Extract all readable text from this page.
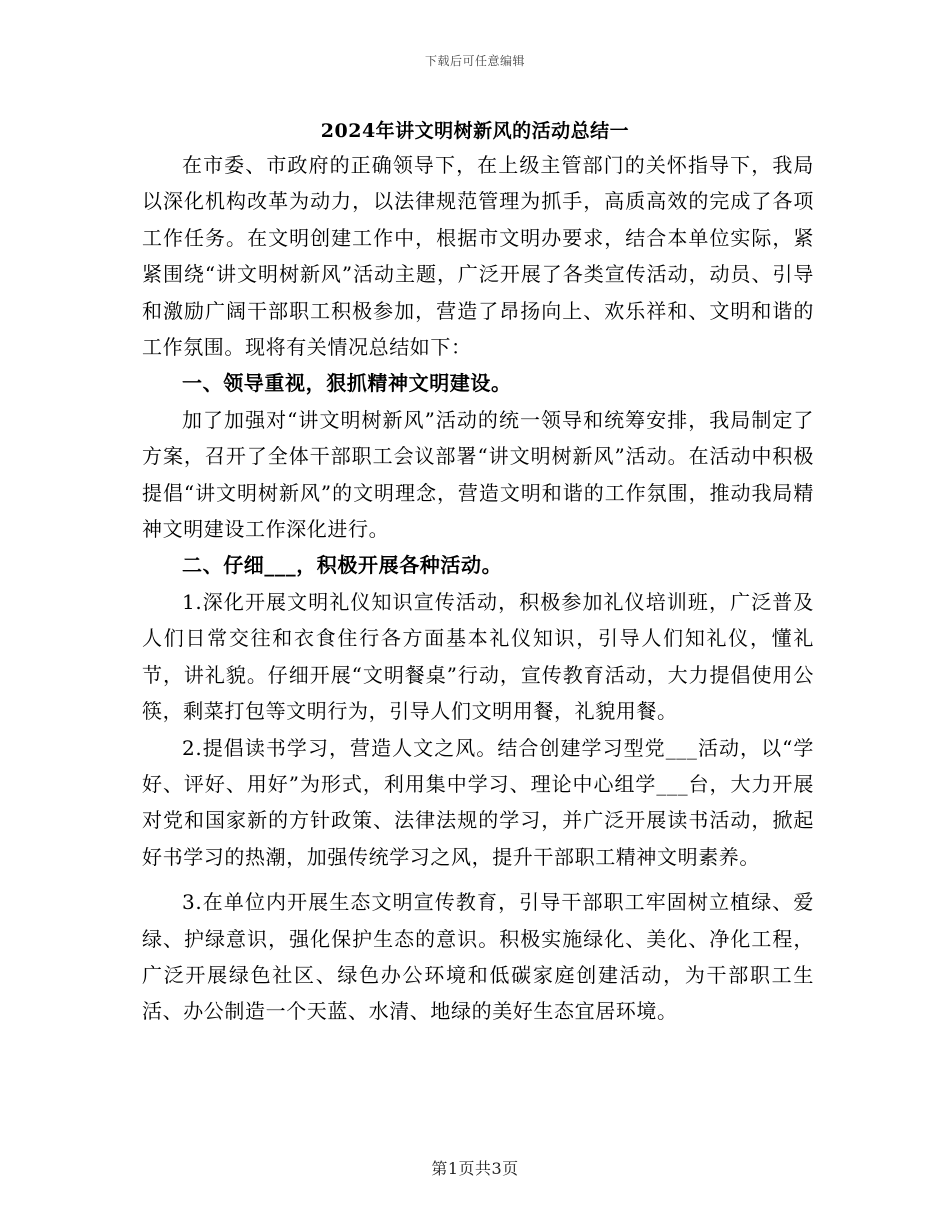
下载后可任意编辑
2024年讲文明树新风的活动总结一

在市委、市政府的正确领导下，在上级主管部门的关怀指导下，我局以深化机构改革为动力，以法律规范管理为抓手，高质高效的完成了各项工作任务。在文明创建工作中，根据市文明办要求，结合本单位实际，紧紧围绕“讲文明树新风”活动主题，广泛开展了各类宣传活动，动员、引导和激励广阔干部职工积极参加，营造了昂扬向上、欢乐祥和、文明和谐的工作氛围。现将有关情况总结如下：

一、领导重视，狠抓精神文明建设。

加了加强对“讲文明树新风”活动的统一领导和统筹安排，我局制定了方案，召开了全体干部职工会议部署“讲文明树新风”活动。在活动中积极提倡“讲文明树新风”的文明理念，营造文明和谐的工作氛围，推动我局精神文明建设工作深化进行。

二、仔细___，积极开展各种活动。

1.深化开展文明礼仪知识宣传活动，积极参加礼仪培训班，广泛普及人们日常交往和衣食住行各方面基本礼仪知识，引导人们知礼仪，懂礼节，讲礼貌。仔细开展“文明餐桌”行动，宣传教育活动，大力提倡使用公筷，剩菜打包等文明行为，引导人们文明用餐，礼貌用餐。

2.提倡读书学习，营造人文之风。结合创建学习型党___活动，以“学好、评好、用好”为形式，利用集中学习、理论中心组学___台，大力开展对党和国家新的方针政策、法律法规的学习，并广泛开展读书活动，掀起好书学习的热潮，加强传统学习之风，提升干部职工精神文明素养。

3.在单位内开展生态文明宣传教育，引导干部职工牢固树立植绿、爱绿、护绿意识，强化保护生态的意识。积极实施绿化、美化、净化工程，广泛开展绿色社区、绿色办公环境和低碳家庭创建活动，为干部职工生活、办公制造一个天蓝、水清、地绿的美好生态宜居环境。

第1页共3页
